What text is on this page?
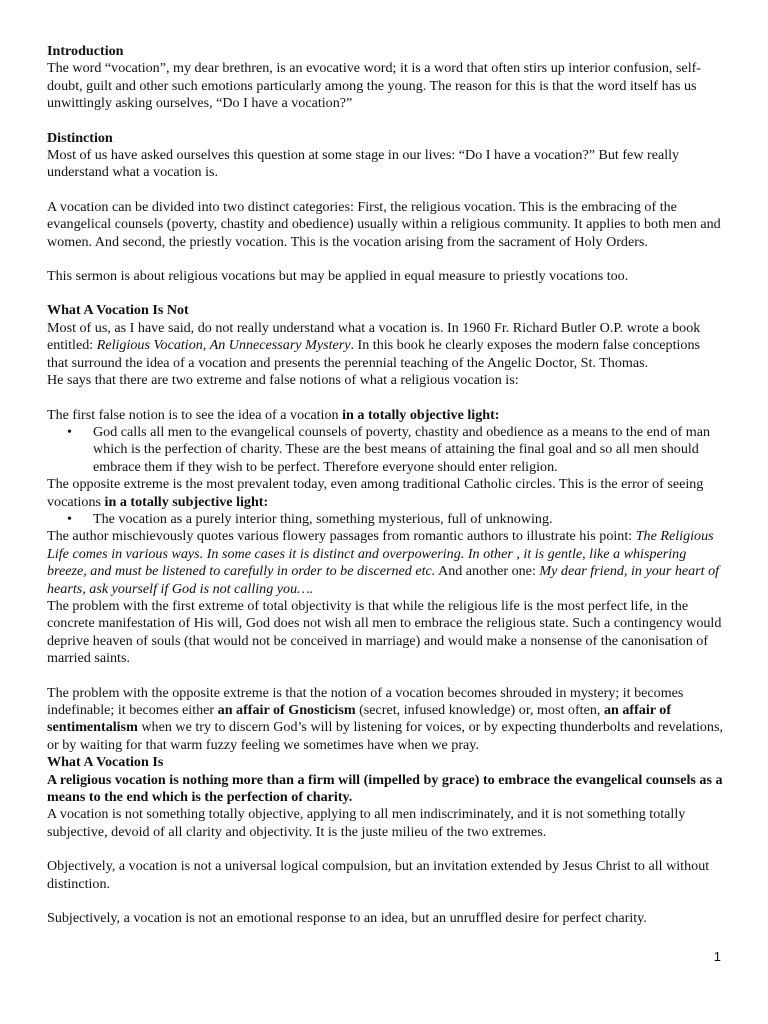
Introduction

The word “vocation”, my dear brethren, is an evocative word; it is a word that often stirs up interior confusion, self-doubt, guilt and other such emotions particularly among the young. The reason for this is that the word itself has us unwittingly asking ourselves, “Do I have a vocation?”

Distinction

Most of us have asked ourselves this question at some stage in our lives: “Do I have a vocation?” But few really understand what a vocation is.

A vocation can be divided into two distinct categories: First, the religious vocation. This is the embracing of the evangelical counsels (poverty, chastity and obedience) usually within a religious community. It applies to both men and women. And second, the priestly vocation. This is the vocation arising from the sacrament of Holy Orders.

This sermon is about religious vocations but may be applied in equal measure to priestly vocations too.

What A Vocation Is Not

Most of us, as I have said, do not really understand what a vocation is. In 1960 Fr. Richard Butler O.P. wrote a book entitled: Religious Vocation, An Unnecessary Mystery. In this book he clearly exposes the modern false conceptions that surround the idea of a vocation and presents the perennial teaching of the Angelic Doctor, St. Thomas.

He says that there are two extreme and false notions of what a religious vocation is:

The first false notion is to see the idea of a vocation in a totally objective light:

• God calls all men to the evangelical counsels of poverty, chastity and obedience as a means to the end of man which is the perfection of charity. These are the best means of attaining the final goal and so all men should embrace them if they wish to be perfect. Therefore everyone should enter religion.

The opposite extreme is the most prevalent today, even among traditional Catholic circles. This is the error of seeing vocations in a totally subjective light:

• The vocation as a purely interior thing, something mysterious, full of unknowing.

The author mischievously quotes various flowery passages from romantic authors to illustrate his point: The Religious Life comes in various ways. In some cases it is distinct and overpowering. In other , it is gentle, like a whispering breeze, and must be listened to carefully in order to be discerned etc. And another one: My dear friend, in your heart of hearts, ask yourself if God is not calling you….

The problem with the first extreme of total objectivity is that while the religious life is the most perfect life, in the concrete manifestation of His will, God does not wish all men to embrace the religious state. Such a contingency would deprive heaven of souls (that would not be conceived in marriage) and would make a nonsense of the canonisation of married saints.

The problem with the opposite extreme is that the notion of a vocation becomes shrouded in mystery; it becomes indefinable; it becomes either an affair of Gnosticism (secret, infused knowledge) or, most often, an affair of sentimentalism when we try to discern God’s will by listening for voices, or by expecting thunderbolts and revelations, or by waiting for that warm fuzzy feeling we sometimes have when we pray.

What A Vocation Is

A religious vocation is nothing more than a firm will (impelled by grace) to embrace the evangelical counsels as a means to the end which is the perfection of charity.

A vocation is not something totally objective, applying to all men indiscriminately, and it is not something totally subjective, devoid of all clarity and objectivity. It is the juste milieu of the two extremes.

Objectively, a vocation is not a universal logical compulsion, but an invitation extended by Jesus Christ to all without distinction.

Subjectively, a vocation is not an emotional response to an idea, but an unruffled desire for perfect charity.

1
